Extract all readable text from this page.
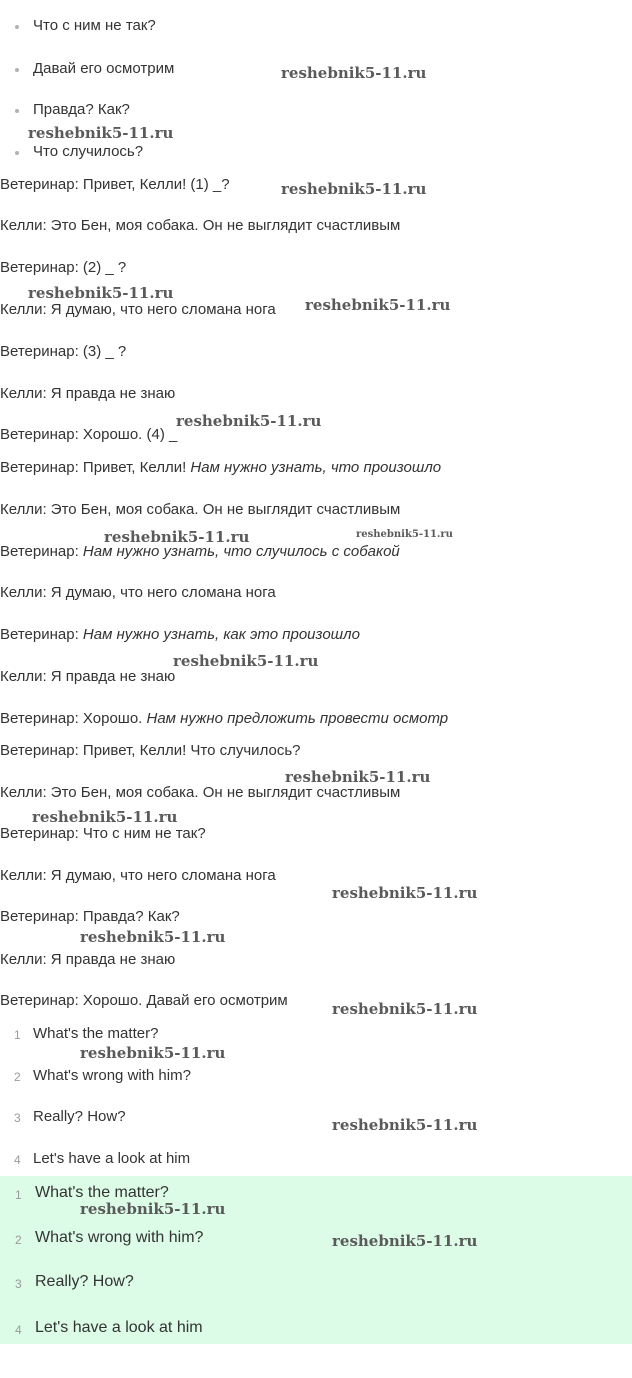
Что с ним не так?
Давай его осмотрим
Правда? Как?
Что случилось?
Ветеринар: Привет, Келли! (1) _?
Келли: Это Бен, моя собака. Он не выглядит счастливым
Ветеринар: (2) _ ?
Келли: Я думаю, что него сломана нога
Ветеринар: (3) _ ?
Келли: Я правда не знаю
Ветеринар: Хорошо. (4) _
Ветеринар: Привет, Келли! Нам нужно узнать, что произошло
Келли: Это Бен, моя собака. Он не выглядит счастливым
Ветеринар: Нам нужно узнать, что случилось с собакой
Келли: Я думаю, что него сломана нога
Ветеринар: Нам нужно узнать, как это произошло
Келли: Я правда не знаю
Ветеринар: Хорошо. Нам нужно предложить провести осмотр
Ветеринар: Привет, Келли! Что случилось?
Келли: Это Бен, моя собака. Он не выглядит счастливым
Ветеринар: Что с ним не так?
Келли: Я думаю, что него сломана нога
Ветеринар: Правда? Как?
Келли: Я правда не знаю
Ветеринар: Хорошо. Давай его осмотрим
1 What's the matter?
2 What's wrong with him?
3 Really? How?
4 Let's have a look at him
1 What's the matter?
2 What's wrong with him?
3 Really? How?
4 Let's have a look at him
reshebnik5-11.ru
reshebnik5-11.ru
reshebnik5-11.ru
reshebnik5-11.ru
reshebnik5-11.ru
reshebnik5-11.ru
reshebnik5-11.ru	reshebnik5-11.ru
reshebnik5-11.ru
reshebnik5-11.ru
reshebnik5-11.ru
reshebnik5-11.ru
reshebnik5-11.ru
reshebnik5-11.ru
reshebnik5-11.ru
reshebnik5-11.ru
reshebnik5-11.ru
reshebnik5-11.ru
